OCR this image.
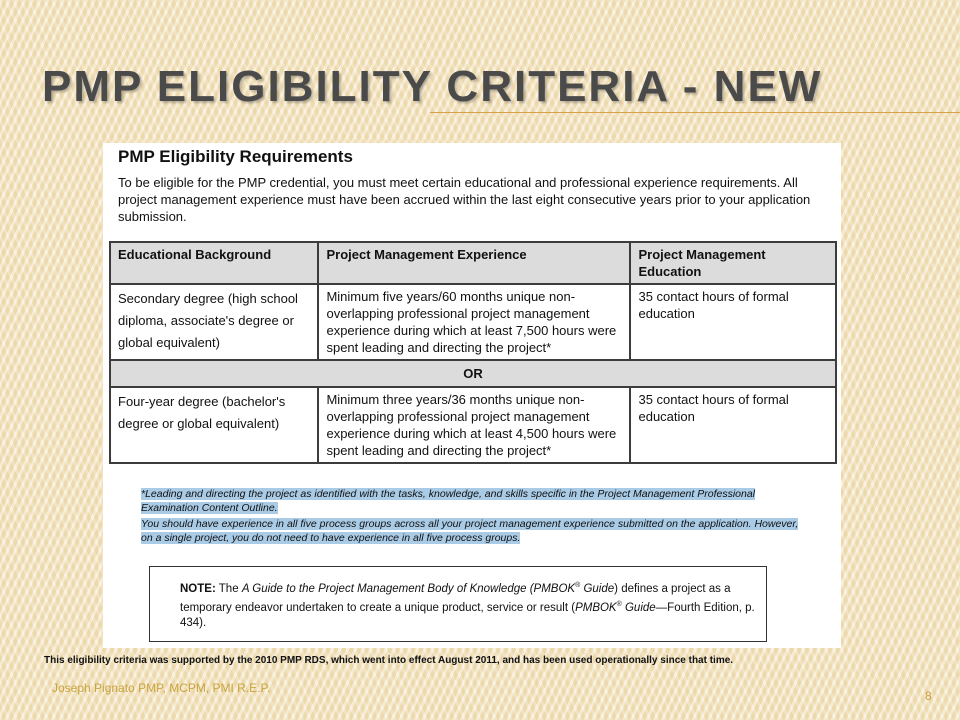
PMP ELIGIBILITY CRITERIA - NEW
PMP Eligibility Requirements
To be eligible for the PMP credential, you must meet certain educational and professional experience requirements. All project management experience must have been accrued within the last eight consecutive years prior to your application submission.
Educational Background	Project Management Experience	Project Management Education
Secondary degree (high school diploma, associate's degree or global equivalent)	Minimum five years/60 months unique non-overlapping professional project management experience during which at least 7,500 hours were spent leading and directing the project*	35 contact hours of formal education
OR		
Four-year degree (bachelor's degree or global equivalent)	Minimum three years/36 months unique non-overlapping professional project management experience during which at least 4,500 hours were spent leading and directing the project*	35 contact hours of formal education

*Leading and directing the project as identified with the tasks, knowledge, and skills specific in the Project Management Professional Examination Content Outline.

You should have experience in all five process groups across all your project management experience submitted on the application. However, on a single project, you do not need to have experience in all five process groups.

NOTE: The A Guide to the Project Management Body of Knowledge (PMBOK® Guide) defines a project as a temporary endeavor undertaken to create a unique product, service or result (PMBOK® Guide—Fourth Edition, p. 434).
This eligibility criteria was supported by the 2010 PMP RDS, which went into effect August 2011, and has been used operationally since that time.
Joseph Pignato PMP, MCPM, PMI R.E.P.
8
